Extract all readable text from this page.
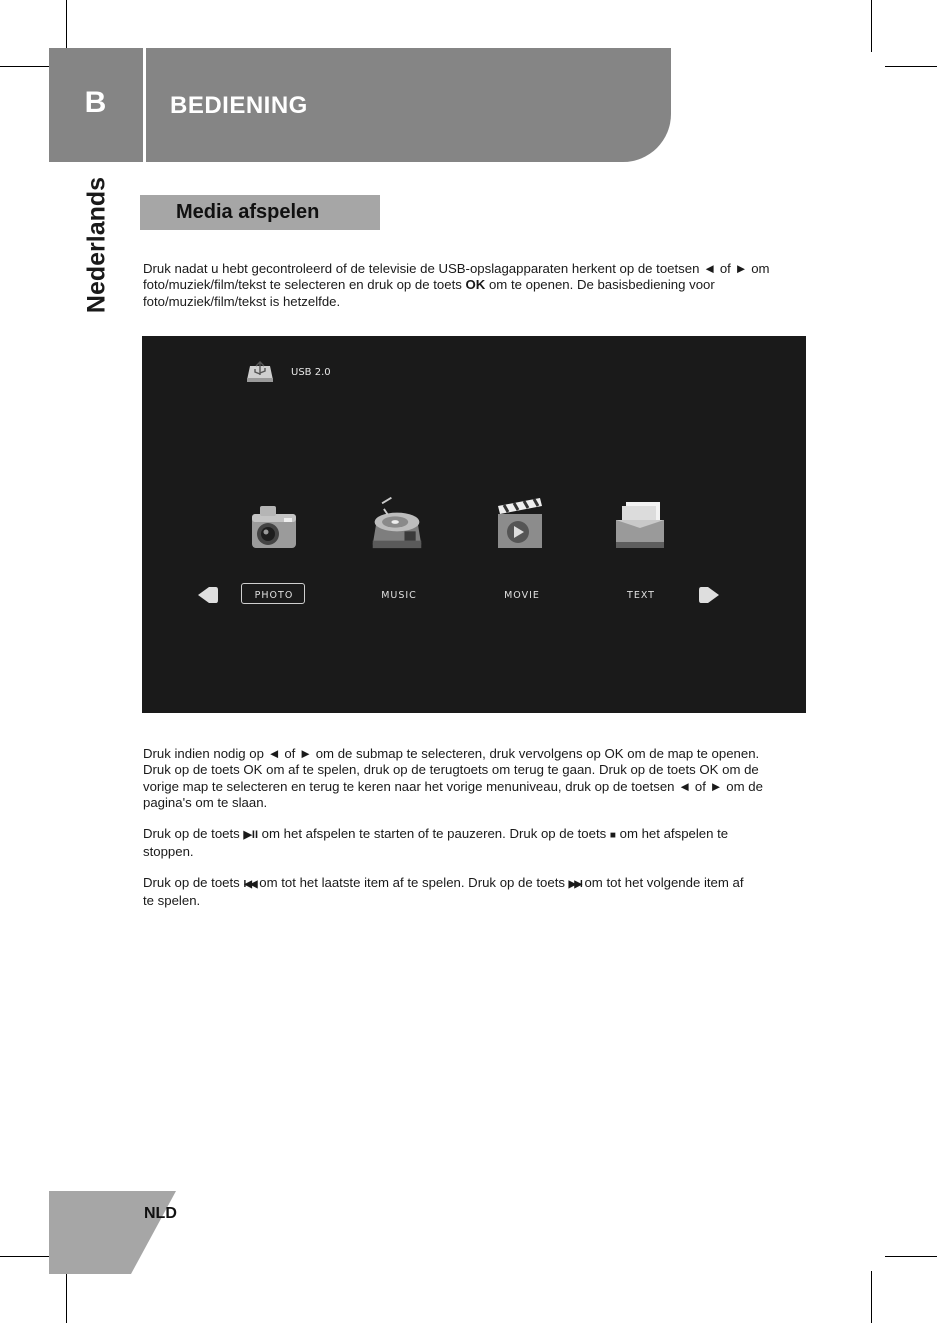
B	BEDIENING
Nederlands	Media afspelen
Druk nadat u hebt gecontroleerd of de televisie de USB-opslagapparaten herkent op de toetsen ◄ of ► om
foto/muziek/film/tekst te selecteren en druk op de toets OK om te openen. De basisbediening voor
foto/muziek/film/tekst is hetzelfde.
USB 2.0
PHOTO	MUSIC	MOVIE	TEXT
Druk indien nodig op ◄ of ► om de submap te selecteren, druk vervolgens op OK om de map te openen.
Druk op de toets OK om af te spelen, druk op de terugtoets om terug te gaan. Druk op de toets OK om de
vorige map te selecteren en terug te keren naar het vorige menuniveau, druk op de toetsen ◄ of ► om de
pagina's om te slaan.
Druk op de toets ▶II om het afspelen te starten of te pauzeren. Druk op de toets ■ om het afspelen te
stoppen.
Druk op de toets I◀◀ om tot het laatste item af te spelen. Druk op de toets ▶▶I om tot het volgende item af
te spelen.
NLD
